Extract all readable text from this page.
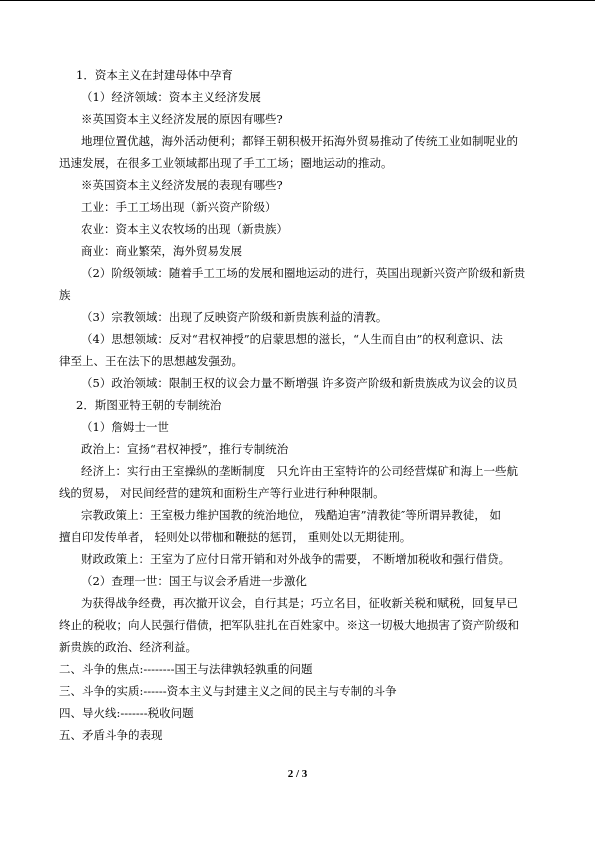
1．资本主义在封建母体中孕育
（1）经济领域：资本主义经济发展
※英国资本主义经济发展的原因有哪些?
地理位置优越，海外活动便利；都铎王朝积极开拓海外贸易推动了传统工业如制呢业的
迅速发展，在很多工业领域都出现了手工工场；圈地运动的推动。
※英国资本主义经济发展的表现有哪些?
工业：手工工场出现（新兴资产阶级）
农业：资本主义农牧场的出现（新贵族）
商业：商业繁荣，海外贸易发展
（2）阶级领域：随着手工工场的发展和圈地运动的进行，英国出现新兴资产阶级和新贵
族
（3）宗教领域：出现了反映资产阶级和新贵族利益的清教。
（4）思想领域：反对“君权神授”的启蒙思想的滋长，“人生而自由”的权利意识、法
律至上、王在法下的思想越发强劲。
（5）政治领域：限制王权的议会力量不断增强 许多资产阶级和新贵族成为议会的议员
2．斯图亚特王朝的专制统治
（1）詹姆士一世
政治上：宣扬“君权神授”，推行专制统治
经济上：实行由王室操纵的垄断制度　只允许由王室特许的公司经营煤矿和海上一些航
线的贸易， 对民间经营的建筑和面粉生产等行业进行种种限制。
宗教政策上：王室极力维护国教的统治地位， 残酷迫害”清教徒″等所谓异教徒， 如
擅自印发传单者， 轻则处以带枷和鞭挞的惩罚， 重则处以无期徒刑。
财政政策上：王室为了应付日常开销和对外战争的需要， 不断增加税收和强行借贷。
（2）查理一世：国王与议会矛盾进一步激化
为获得战争经费，再次撤开议会，自行其是；巧立名目，征收新关税和赋税，回复早已
终止的税收；向人民强行借债，把军队驻扎在百姓家中。※这一切极大地损害了资产阶级和
新贵族的政治、经济利益。
二、斗争的焦点:--------国王与法律孰轻孰重的问题
三、斗争的实质:------资本主义与封建主义之间的民主与专制的斗争
四、导火线:-------税收问题
五、矛盾斗争的表现
2 / 3
